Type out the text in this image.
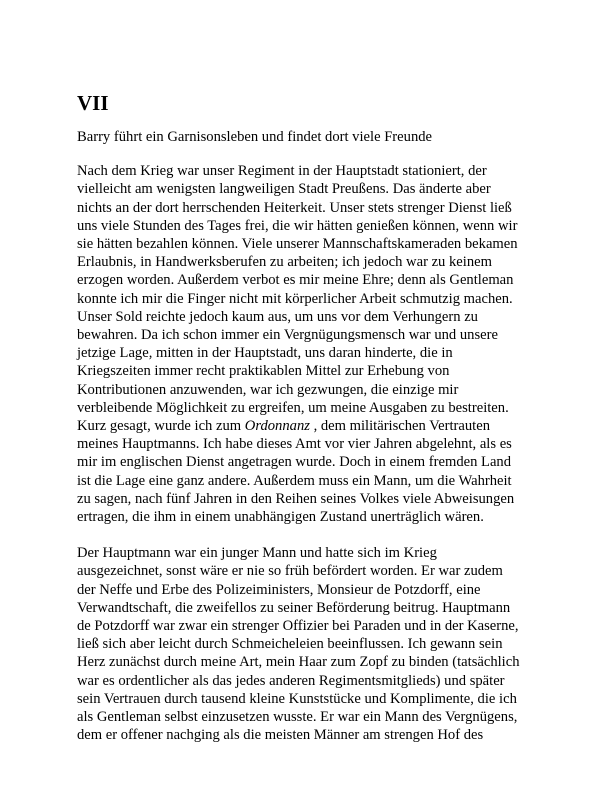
VII
Barry führt ein Garnisonsleben und findet dort viele Freunde
Nach dem Krieg war unser Regiment in der Hauptstadt stationiert, der
vielleicht am wenigsten langweiligen Stadt Preußens. Das änderte aber
nichts an der dort herrschenden Heiterkeit. Unser stets strenger Dienst ließ
uns viele Stunden des Tages frei, die wir hätten genießen können, wenn wir
sie hätten bezahlen können. Viele unserer Mannschaftskameraden bekamen
Erlaubnis, in Handwerksberufen zu arbeiten; ich jedoch war zu keinem
erzogen worden. Außerdem verbot es mir meine Ehre; denn als Gentleman
konnte ich mir die Finger nicht mit körperlicher Arbeit schmutzig machen.
Unser Sold reichte jedoch kaum aus, um uns vor dem Verhungern zu
bewahren. Da ich schon immer ein Vergnügungsmensch war und unsere
jetzige Lage, mitten in der Hauptstadt, uns daran hinderte, die in
Kriegszeiten immer recht praktikablen Mittel zur Erhebung von
Kontributionen anzuwenden, war ich gezwungen, die einzige mir
verbleibende Möglichkeit zu ergreifen, um meine Ausgaben zu bestreiten.
Kurz gesagt, wurde ich zum Ordonnanz , dem militärischen Vertrauten
meines Hauptmanns. Ich habe dieses Amt vor vier Jahren abgelehnt, als es
mir im englischen Dienst angetragen wurde. Doch in einem fremden Land
ist die Lage eine ganz andere. Außerdem muss ein Mann, um die Wahrheit
zu sagen, nach fünf Jahren in den Reihen seines Volkes viele Abweisungen
ertragen, die ihm in einem unabhängigen Zustand unerträglich wären.
Der Hauptmann war ein junger Mann und hatte sich im Krieg
ausgezeichnet, sonst wäre er nie so früh befördert worden. Er war zudem
der Neffe und Erbe des Polizeiministers, Monsieur de Potzdorff, eine
Verwandtschaft, die zweifellos zu seiner Beförderung beitrug. Hauptmann
de Potzdorff war zwar ein strenger Offizier bei Paraden und in der Kaserne,
ließ sich aber leicht durch Schmeicheleien beeinflussen. Ich gewann sein
Herz zunächst durch meine Art, mein Haar zum Zopf zu binden (tatsächlich
war es ordentlicher als das jedes anderen Regimentsmitglieds) und später
sein Vertrauen durch tausend kleine Kunststücke und Komplimente, die ich
als Gentleman selbst einzusetzen wusste. Er war ein Mann des Vergnügens,
dem er offener nachging als die meisten Männer am strengen Hof des
